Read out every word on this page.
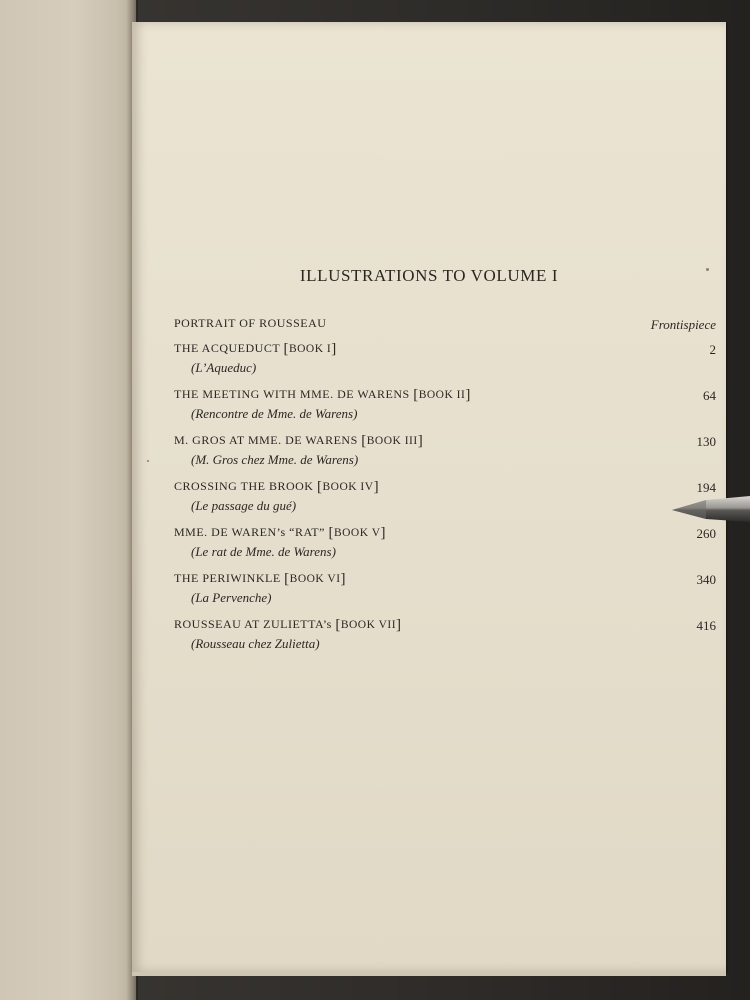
ILLUSTRATIONS TO VOLUME I
PORTRAIT OF ROUSSEAU	Frontispiece
THE ACQUEDUCT [BOOK I]
(L’Aqueduc)
2
THE MEETING WITH MME. DE WARENS [BOOK II]
(Rencontre de Mme. de Warens)
64
M. GROS AT MME. DE WARENS [BOOK III]
(M. Gros chez Mme. de Warens)
130
CROSSING THE BROOK [BOOK IV]
(Le passage du gué)
194
MME. DE WAREN’s “RAT” [BOOK V]
(Le rat de Mme. de Warens)
260
THE PERIWINKLE [BOOK VI]
(La Pervenche)
340
ROUSSEAU AT ZULIETTA’s [BOOK VII]
(Rousseau chez Zulietta)
416
